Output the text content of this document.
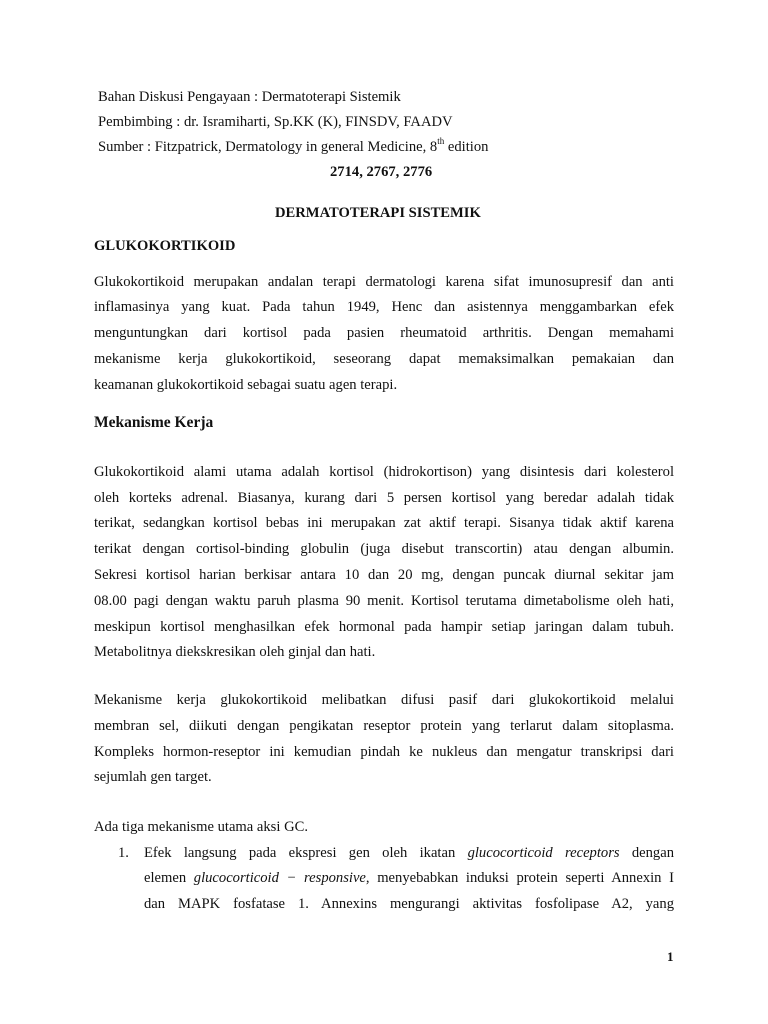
Bahan Diskusi Pengayaan : Dermatoterapi Sistemik

Pembimbing : dr. Isramiharti, Sp.KK (K), FINSDV, FAADV

Sumber : Fitzpatrick, Dermatology in general Medicine, 8th edition

2714, 2767, 2776

DERMATOTERAPI SISTEMIK

GLUKOKORTIKOID

Glukokortikoid merupakan andalan terapi dermatologi karena sifat imunosupresif dan anti

inflamasinya yang kuat. Pada tahun 1949, Henc dan asistennya menggambarkan efek

menguntungkan dari kortisol pada pasien rheumatoid arthritis. Dengan memahami

mekanisme kerja glukokortikoid, seseorang dapat memaksimalkan pemakaian dan

keamanan glukokortikoid sebagai suatu agen terapi.

Mekanisme Kerja

Glukokortikoid alami utama adalah kortisol (hidrokortison) yang disintesis dari kolesterol

oleh korteks adrenal. Biasanya, kurang dari 5 persen kortisol yang beredar adalah tidak

terikat, sedangkan kortisol bebas ini merupakan zat aktif terapi. Sisanya tidak aktif karena

terikat dengan cortisol-binding globulin (juga disebut transcortin) atau dengan albumin.

Sekresi kortisol harian berkisar antara 10 dan 20 mg, dengan puncak diurnal sekitar jam

08.00 pagi dengan waktu paruh plasma 90 menit. Kortisol terutama dimetabolisme oleh hati,

meskipun kortisol menghasilkan efek hormonal pada hampir setiap jaringan dalam tubuh.

Metabolitnya diekskresikan oleh ginjal dan hati.

Mekanisme kerja glukokortikoid melibatkan difusi pasif dari glukokortikoid melalui

membran sel, diikuti dengan pengikatan reseptor protein yang terlarut dalam sitoplasma.

Kompleks hormon-reseptor ini kemudian pindah ke nukleus dan mengatur transkripsi dari

sejumlah gen target.

Ada tiga mekanisme utama aksi GC.

1. Efek langsung pada ekspresi gen oleh ikatan glucocorticoid receptors dengan

elemen glucocorticoid − responsive, menyebabkan induksi protein seperti Annexin I

dan MAPK fosfatase 1. Annexins mengurangi aktivitas fosfolipase A2, yang

1
